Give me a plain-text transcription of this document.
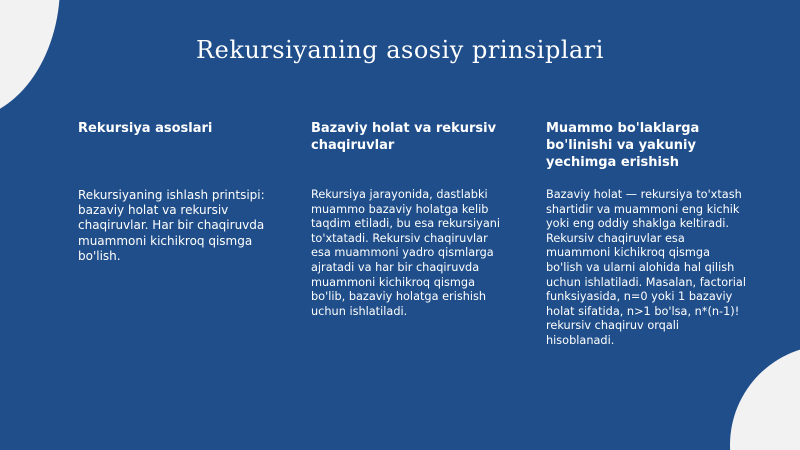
Rekursiyaning asosiy prinsiplari
Rekursiya asoslari
Rekursiyaning ishlash printsipi: bazaviy holat va rekursiv chaqiruvlar. Har bir chaqiruvda muammoni kichikroq qismga bo'lish.
Bazaviy holat va rekursiv chaqiruvlar
Rekursiya jarayonida, dastlabki muammo bazaviy holatga kelib taqdim etiladi, bu esa rekursiyani to'xtatadi. Rekursiv chaqiruvlar esa muammoni yadro qismlarga ajratadi va har bir chaqiruvda muammoni kichikroq qismga bo'lib, bazaviy holatga erishish uchun ishlatiladi.
Muammo bo'laklarga bo'linishi va yakuniy yechimga erishish
Bazaviy holat — rekursiya to'xtash shartidir va muammoni eng kichik yoki eng oddiy shaklga keltiradi. Rekursiv chaqiruvlar esa muammoni kichikroq qismga bo'lish va ularni alohida hal qilish uchun ishlatiladi. Masalan, factorial funksiyasida, n=0 yoki 1 bazaviy holat sifatida, n>1 bo'lsa, n*(n-1)! rekursiv chaqiruv orqali hisoblanadi.
